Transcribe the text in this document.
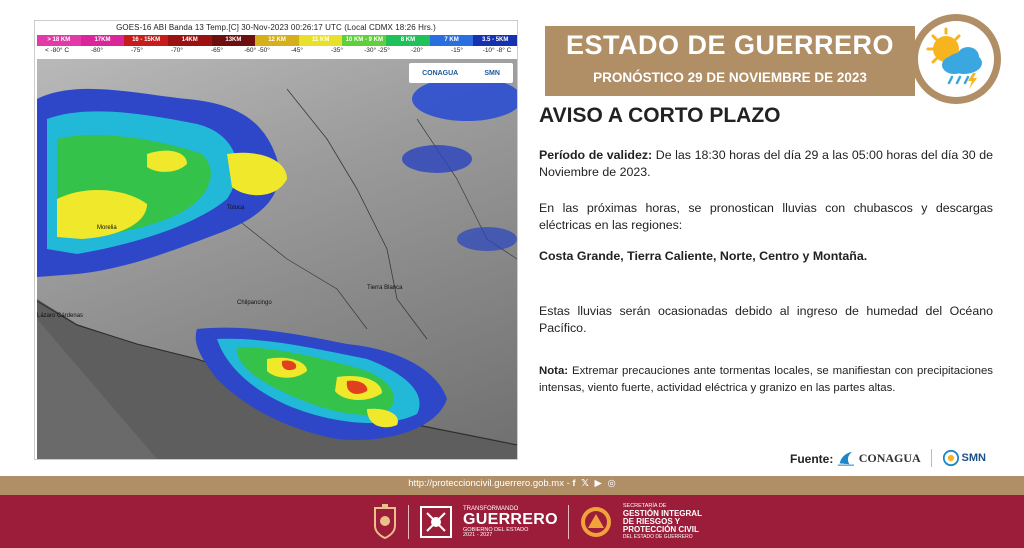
GOES-16 ABI Banda 13 Temp.[C] 30-Nov-2023 00:26:17 UTC (Local CDMX 18:26 Hrs.)
> 18 KM	17KM	16 - 15KM	14KM	13KM	12 KM	11 KM	10 KM - 9 KM	8 KM	7 KM	3.5 - 5KM
< -80° C	-80°	-75°	-70°	-65°	-60° -50°	-45°	-35°	-30° -25°	-20°	-15°	-10° -8° C
Morelia
Toluca
Tierra Blanca
Lázaro Cárdenas
Chilpancingo
CONAGUA	SMN
ESTADO DE GUERRERO
PRONÓSTICO 29 DE NOVIEMBRE DE 2023
AVISO A CORTO PLAZO
Período de validez: De las 18:30 horas del día 29 a las 05:00 horas del día 30 de Noviembre de 2023.
En las próximas horas, se pronostican lluvias con chubascos y descargas eléctricas en las regiones:
Costa Grande, Tierra Caliente, Norte, Centro y Montaña.
Estas lluvias serán ocasionadas debido al ingreso de humedad del Océano Pacífico.
Nota: Extremar precauciones ante tormentas locales, se manifiestan con precipitaciones intensas, viento fuerte, actividad eléctrica y granizo en las partes altas.
Fuente: CONAGUA	SMN
http://proteccioncivil.guerrero.gob.mx - f 𝕏 ▶ ◎
TRANSFORMANDO
GUERRERO
GOBIERNO DEL ESTADO
2021 - 2027
SECRETARÍA DE
GESTIÓN INTEGRAL
DE RIESGOS Y
PROTECCIÓN CIVIL
DEL ESTADO DE GUERRERO
